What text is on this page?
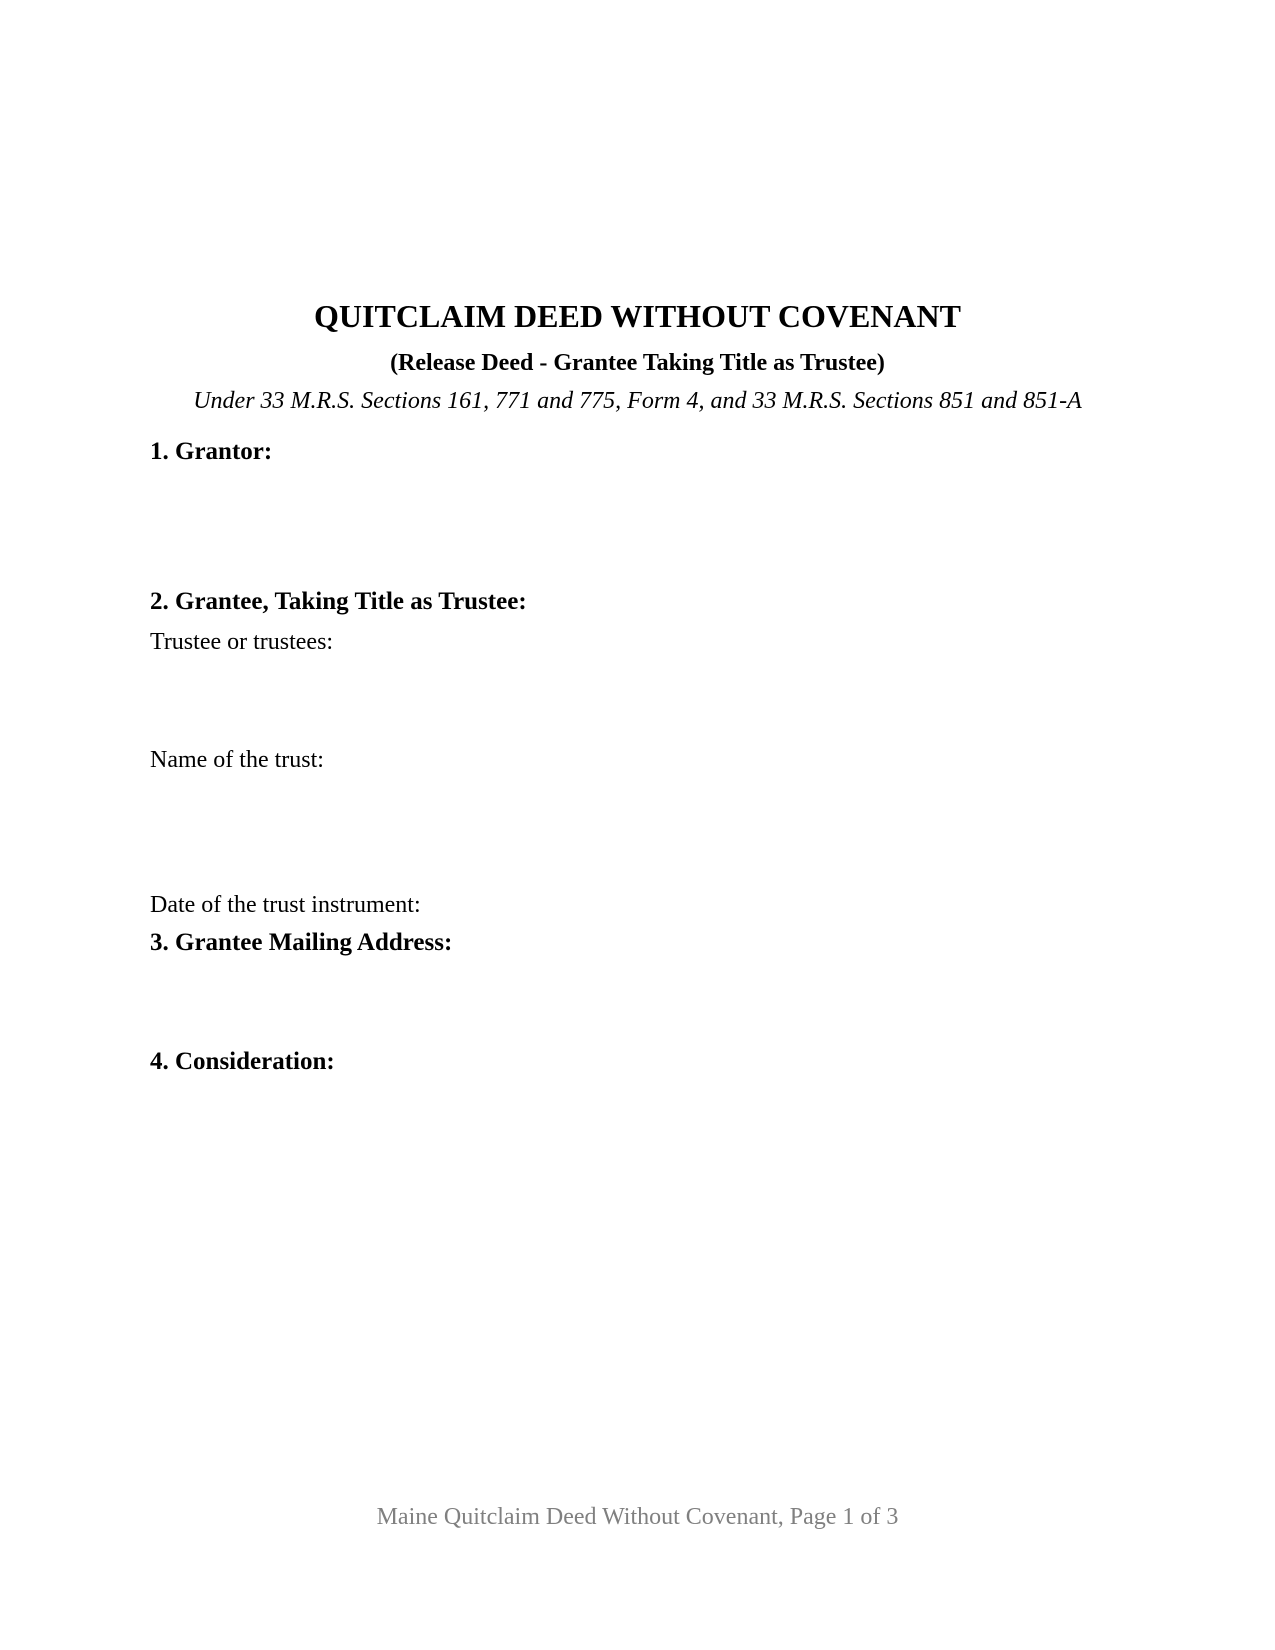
QUITCLAIM DEED WITHOUT COVENANT
(Release Deed - Grantee Taking Title as Trustee)
Under 33 M.R.S. Sections 161, 771 and 775, Form 4, and 33 M.R.S. Sections 851 and 851-A
1. Grantor:
2. Grantee, Taking Title as Trustee:
Trustee or trustees:
Name of the trust:
Date of the trust instrument:
3. Grantee Mailing Address:
4. Consideration:
Maine Quitclaim Deed Without Covenant, Page 1 of 3
